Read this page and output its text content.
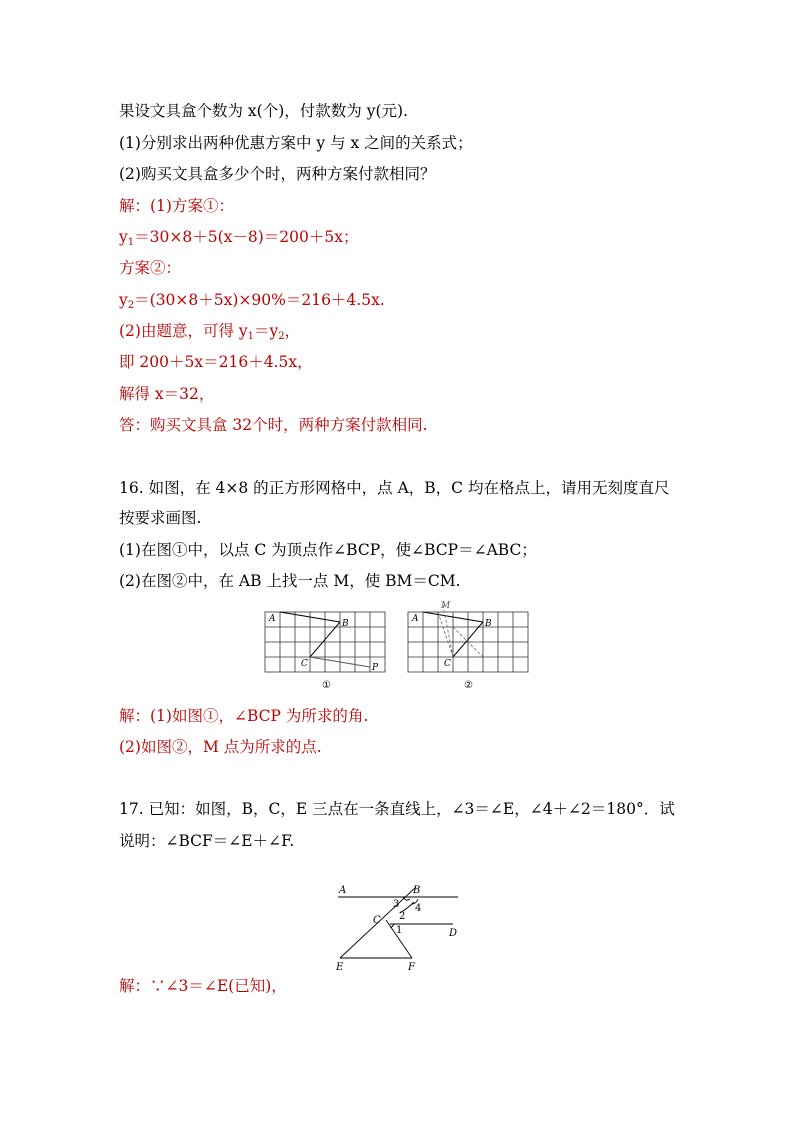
果设文具盒个数为 x(个)，付款数为 y(元).
(1)分别求出两种优惠方案中 y 与 x 之间的关系式；
(2)购买文具盒多少个时，两种方案付款相同？
解：(1)方案①：
$y_1=30\times 8+5(x-8)=200+5x$；
方案②：
$y_2=(30\times 8+5x)\times 90\%=216+4.5x$.
(2)由题意，可得 $y_1=y_2$，
即 200＋5x＝216＋4.5x，
解得 x＝32，
答：购买文具盒 32个时，两种方案付款相同.
16. 如图，在 4×8 的正方形网格中，点 A，B，C 均在格点上，请用无刻度直尺
按要求画图.
(1)在图①中，以点 C 为顶点作∠BCP，使∠BCP＝∠ABC；
(2)在图②中，在 AB 上找一点 M，使 BM＝CM.
A	B
C	P
①
M
A	B
C
②
解：(1)如图①，∠BCP 为所求的角.
(2)如图②，M 点为所求的点.
17. 已知：如图，B，C，E 三点在一条直线上，∠3＝∠E，∠4＋∠2＝180°．试
说明：∠BCF＝∠E＋∠F.
A	B
C
D
E	F
1
2
3 4
解：∵∠3＝∠E(已知)，
